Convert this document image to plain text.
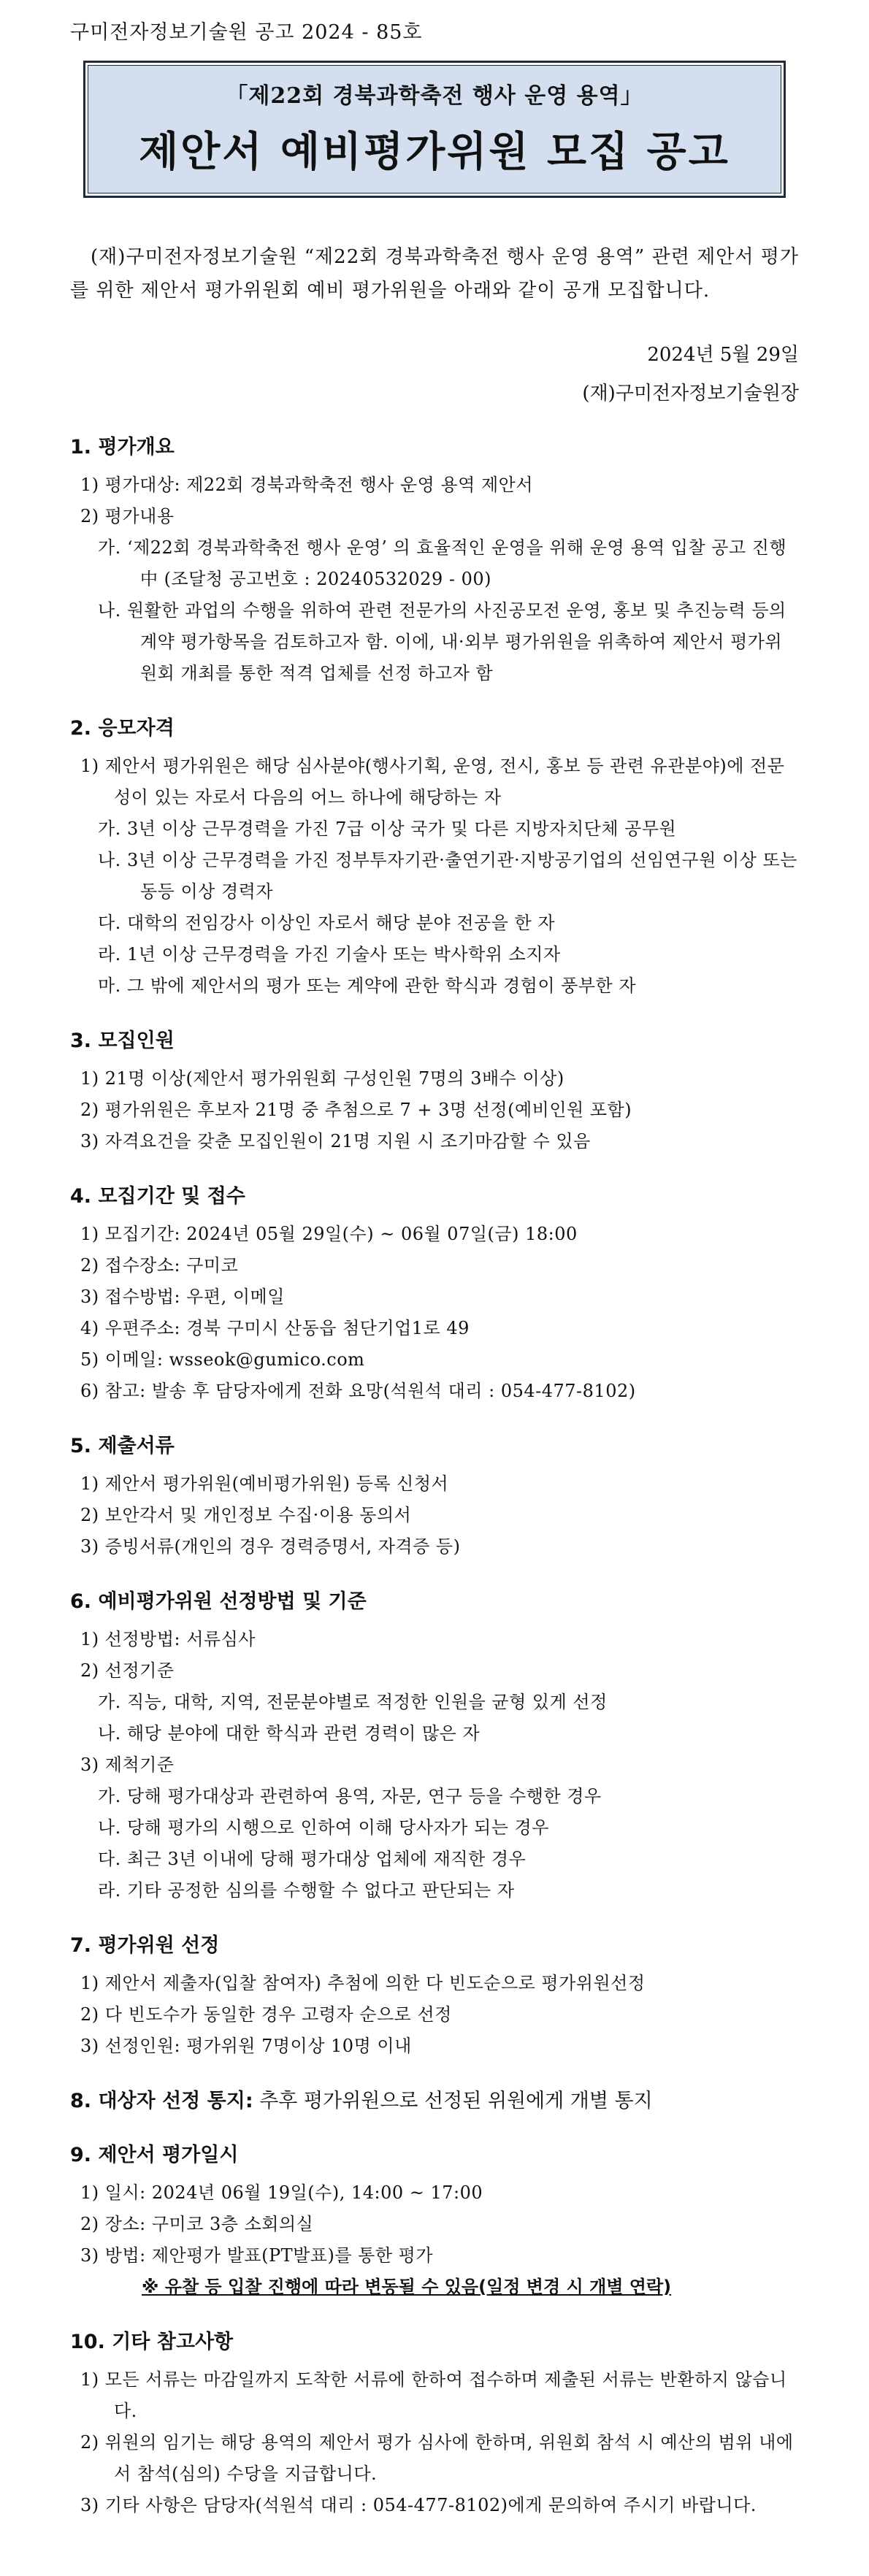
구미전자정보기술원 공고 2024 - 85호
「제22회 경북과학축전 행사 운영 용역」
제안서 예비평가위원 모집 공고
(재)구미전자정보기술원 “제22회 경북과학축전 행사 운영 용역” 관련 제안서 평가를 위한 제안서 평가위원회 예비 평가위원을 아래와 같이 공개 모집합니다.
2024년 5월 29일
(재)구미전자정보기술원장
1. 평가개요
1) 평가대상: 제22회 경북과학축전 행사 운영 용역 제안서
2) 평가내용
가. ‘제22회 경북과학축전 행사 운영’ 의 효율적인 운영을 위해 운영 용역 입찰 공고 진행 中 (조달청 공고번호 : 20240532029 - 00)
나. 원활한 과업의 수행을 위하여 관련 전문가의 사진공모전 운영, 홍보 및 추진능력 등의 계약 평가항목을 검토하고자 함. 이에, 내·외부 평가위원을 위촉하여 제안서 평가위원회 개최를 통한 적격 업체를 선정 하고자 함
2. 응모자격
1) 제안서 평가위원은 해당 심사분야(행사기획, 운영, 전시, 홍보 등 관련 유관분야)에 전문성이 있는 자로서 다음의 어느 하나에 해당하는 자
가. 3년 이상 근무경력을 가진 7급 이상 국가 및 다른 지방자치단체 공무원
나. 3년 이상 근무경력을 가진 정부투자기관·출연기관·지방공기업의 선임연구원 이상 또는 동등 이상 경력자
다. 대학의 전임강사 이상인 자로서 해당 분야 전공을 한 자
라. 1년 이상 근무경력을 가진 기술사 또는 박사학위 소지자
마. 그 밖에 제안서의 평가 또는 계약에 관한 학식과 경험이 풍부한 자
3. 모집인원
1) 21명 이상(제안서 평가위원회 구성인원 7명의 3배수 이상)
2) 평가위원은 후보자 21명 중 추첨으로 7 + 3명 선정(예비인원 포함)
3) 자격요건을 갖춘 모집인원이 21명 지원 시 조기마감할 수 있음
4. 모집기간 및 접수
1) 모집기간: 2024년 05월 29일(수) ~ 06월 07일(금) 18:00
2) 접수장소: 구미코
3) 접수방법: 우편, 이메일
4) 우편주소: 경북 구미시 산동읍 첨단기업1로 49
5) 이메일: wsseok@gumico.com
6) 참고: 발송 후 담당자에게 전화 요망(석원석 대리 : 054-477-8102)
5. 제출서류
1) 제안서 평가위원(예비평가위원) 등록 신청서
2) 보안각서 및 개인정보 수집·이용 동의서
3) 증빙서류(개인의 경우 경력증명서, 자격증 등)
6. 예비평가위원 선정방법 및 기준
1) 선정방법: 서류심사
2) 선정기준
가. 직능, 대학, 지역, 전문분야별로 적정한 인원을 균형 있게 선정
나. 해당 분야에 대한 학식과 관련 경력이 많은 자
3) 제척기준
가. 당해 평가대상과 관련하여 용역, 자문, 연구 등을 수행한 경우
나. 당해 평가의 시행으로 인하여 이해 당사자가 되는 경우
다. 최근 3년 이내에 당해 평가대상 업체에 재직한 경우
라. 기타 공정한 심의를 수행할 수 없다고 판단되는 자
7. 평가위원 선정
1) 제안서 제출자(입찰 참여자) 추첨에 의한 다 빈도순으로 평가위원선정
2) 다 빈도수가 동일한 경우 고령자 순으로 선정
3) 선정인원: 평가위원 7명이상 10명 이내
8. 대상자 선정 통지: 추후 평가위원으로 선정된 위원에게 개별 통지
9. 제안서 평가일시
1) 일시: 2024년 06월 19일(수), 14:00 ~ 17:00
2) 장소: 구미코 3층 소회의실
3) 방법: 제안평가 발표(PT발표)를 통한 평가
※ 유찰 등 입찰 진행에 따라 변동될 수 있음(일정 변경 시 개별 연락)
10. 기타 참고사항
1) 모든 서류는 마감일까지 도착한 서류에 한하여 접수하며 제출된 서류는 반환하지 않습니다.
2) 위원의 임기는 해당 용역의 제안서 평가 심사에 한하며, 위원회 참석 시 예산의 범위 내에서 참석(심의) 수당을 지급합니다.
3) 기타 사항은 담당자(석원석 대리 : 054-477-8102)에게 문의하여 주시기 바랍니다.
